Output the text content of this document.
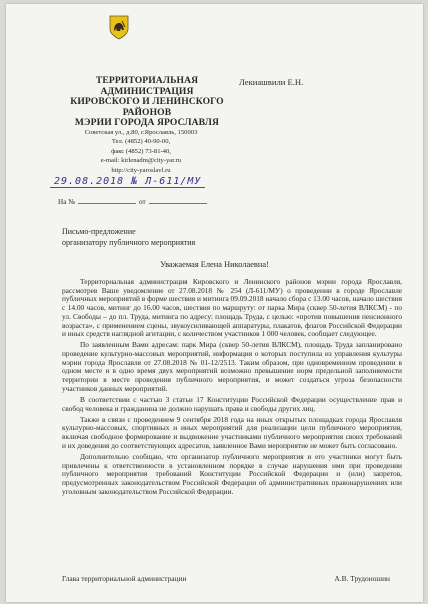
ТЕРРИТОРИАЛЬНАЯ
АДМИНИСТРАЦИЯ
КИРОВСКОГО И ЛЕНИНСКОГО
РАЙОНОВ
МЭРИИ ГОРОДА ЯРОСЛАВЛЯ
Лекиашвили Е.Н.
Советская ул., д.80, г.Ярославль, 150003
Тел. (4852) 40-90-00,
факс (4852) 73-81-40,
e-mail: kirlenadm@city-yar.ru
http://city-yaroslavl.ru
29.08.2018 № Л-611/МУ
На №	от
Письмо-предложение
организатору публичного мероприятия
Уважаемая Елена Николаевна!

Территориальная администрация Кировского и Ленинского районов мэрии города Ярославля, рассмотрев Ваше уведомление от 27.08.2018 № 254 (Л-611/МУ) о проведении в городе Ярославле публичных мероприятий в форме шествия и митинга 09.09.2018 начало сбора с 13.00 часов, начало шествия с 14.00 часов, митинг до 16.00 часов, шествия по маршруту: от парка Мира (сквер 50-летия ВЛКСМ) - по ул. Свободы – до пл. Труда, митинга по адресу: площадь Труда, с целью: «против повышения пенсионного возраста», с применением сцены, звукоусиливающей аппаратуры, плакатов, флагов Российской Федерации и иных средств наглядной агитации, с количеством участников 1 000 человек, сообщает следующее.

По заявленным Вами адресам: парк Мира (сквер 50-летия ВЛКСМ), площадь Труда запланировано проведение культурно-массовых мероприятий, информация о которых поступила из управления культуры мэрии города Ярославля от 27.08.2018 № 01-12/2513. Таким образом, при одновременном проведении в одном месте и в одно время двух мероприятий возможно превышение норм предельной заполняемости территории в месте проведения публичного мероприятия, и может создаться угроза безопасности участников данных мероприятий.

В соответствии с частью 3 статьи 17 Конституции Российской Федерации осуществление прав и свобод человека и гражданина не должно нарушать права и свободы других лиц.

Также в связи с проведением 9 сентября 2018 года на иных открытых площадках города Ярославля культурно-массовых, спортивных и иных мероприятий для реализации цели публичного мероприятия, включая свободное формирование и выдвижение участниками публичного мероприятия своих требований и их доведения до соответствующих адресатов, заявленное Вами мероприятие не может быть согласовано.

Дополнительно сообщаю, что организатор публичного мероприятия и его участники могут быть привлечены к ответственности в установленном порядке в случае нарушения ими при проведении публичного мероприятия требований Конституции Российской Федерации и (или) запретов, предусмотренных законодательством Российской Федерации об административных правонарушениях или уголовным законодательством Российской Федерации.

Глава территориальной администрации	А.В. Трудоношин
